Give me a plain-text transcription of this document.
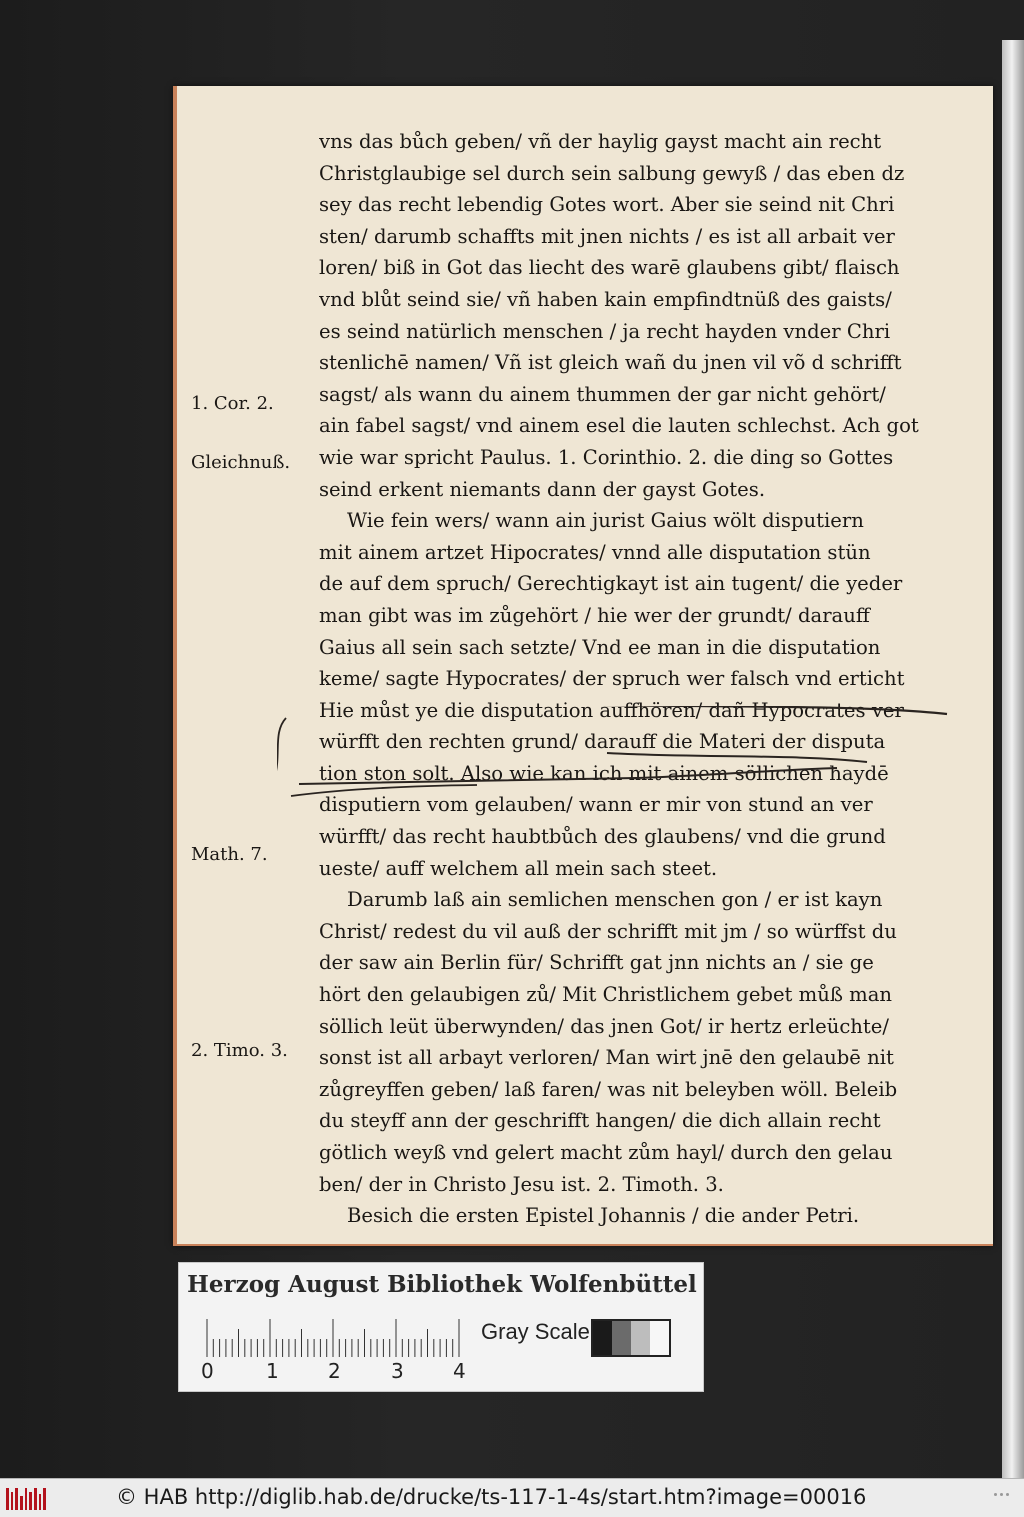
vns das bůch geben/ vñ der haylig gayst macht ain recht
Christglaubige sel durch sein salbung gewyß / das eben dz
sey das recht lebendig Gotes wort. Aber sie seind nit Chri
sten/ darumb schaffts mit jnen nichts / es ist all arbait ver
loren/ biß in Got das liecht des warē glaubens gibt/ flaisch
vnd blůt seind sie/ vñ haben kain empfindtnüß des gaists/
es seind natürlich menschen / ja recht hayden vnder Chri
stenlichē namen/ Vñ ist gleich wañ du jnen vil võ d schrifft
sagst/ als wann du ainem thummen der gar nicht gehört/
ain fabel sagst/ vnd ainem esel die lauten schlechst. Ach got
wie war spricht Paulus. 1. Corinthio. 2. die ding so Gottes
seind erkent niemants dann der gayst Gotes.
Wie fein wers/ wann ain jurist Gaius wölt disputiern
mit ainem artzet Hipocrates/ vnnd alle disputation stün
de auf dem spruch/ Gerechtigkayt ist ain tugent/ die yeder
man gibt was im zůgehört / hie wer der grundt/ darauff
Gaius all sein sach setzte/ Vnd ee man in die disputation
keme/ sagte Hypocrates/ der spruch wer falsch vnd erticht
Hie můst ye die disputation auffhören/ dañ Hypocrates ver
würfft den rechten grund/ darauff die Materi der disputa
tion ston solt. Also wie kan ich mit ainem söllichen haydē
disputiern vom gelauben/ wann er mir von stund an ver
würfft/ das recht haubtbůch des glaubens/ vnd die grund
ueste/ auff welchem all mein sach steet.
Darumb laß ain semlichen menschen gon / er ist kayn
Christ/ redest du vil auß der schrifft mit jm / so würffst du
der saw ain Berlin für/ Schrifft gat jnn nichts an / sie ge
hört den gelaubigen zů/ Mit Christlichem gebet můß man
söllich leüt überwynden/ das jnen Got/ ir hertz erleüchte/
sonst ist all arbayt verloren/ Man wirt jnē den gelaubē nit
zůgreyffen geben/ laß faren/ was nit beleyben wöll. Beleib
du steyff ann der geschrifft hangen/ die dich allain recht
götlich weyß vnd gelert macht zům hayl/ durch den gelau
ben/ der in Christo Jesu ist. 2. Timoth. 3.
Besich die ersten Epistel Johannis / die ander Petri.
1. Cor. 2.
Gleichnuß.
Math. 7.
2. Timo. 3.
Herzog August Bibliothek Wolfenbüttel
0	1 2	3 4
Gray Scale
© HAB http://diglib.hab.de/drucke/ts-117-1-4s/start.htm?image=00016
